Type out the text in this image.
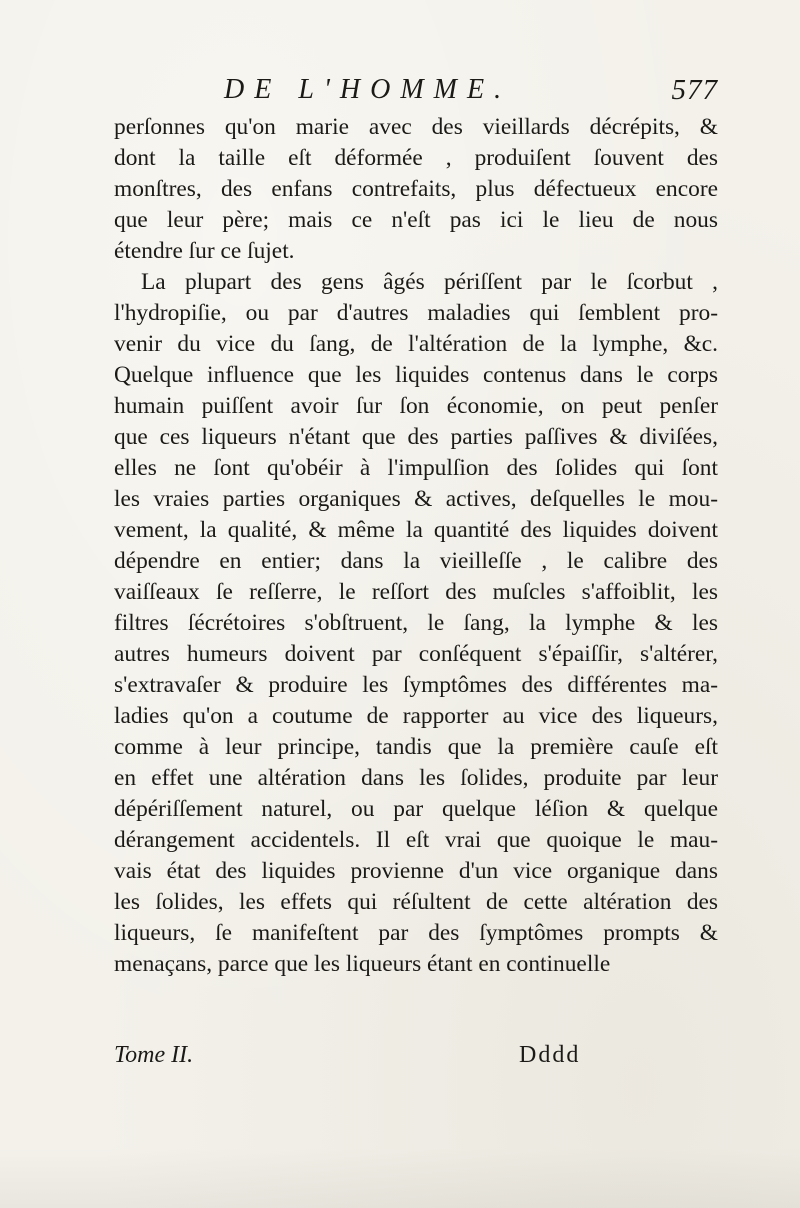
DE L'HOMME.	577
perſonnes qu'on marie avec des vieillards décrépits, &
dont la taille eſt déformée , produiſent ſouvent des
monſtres, des enfans contrefaits, plus défectueux encore
que leur père; mais ce n'eſt pas ici le lieu de nous
étendre ſur ce ſujet.
La plupart des gens âgés périſſent par le ſcorbut ,
l'hydropiſie, ou par d'autres maladies qui ſemblent pro-
venir du vice du ſang, de l'altération de la lymphe, &c.
Quelque influence que les liquides contenus dans le corps
humain puiſſent avoir ſur ſon économie, on peut penſer
que ces liqueurs n'étant que des parties paſſives & diviſées,
elles ne ſont qu'obéir à l'impulſion des ſolides qui ſont
les vraies parties organiques & actives, deſquelles le mou-
vement, la qualité, & même la quantité des liquides doivent
dépendre en entier; dans la vieilleſſe , le calibre des
vaiſſeaux ſe reſſerre, le reſſort des muſcles s'affoiblit, les
filtres ſécrétoires s'obſtruent, le ſang, la lymphe & les
autres humeurs doivent par conſéquent s'épaiſſir, s'altérer,
s'extravaſer & produire les ſymptômes des différentes ma-
ladies qu'on a coutume de rapporter au vice des liqueurs,
comme à leur principe, tandis que la première cauſe eſt
en effet une altération dans les ſolides, produite par leur
dépériſſement naturel, ou par quelque léſion & quelque
dérangement accidentels. Il eſt vrai que quoique le mau-
vais état des liquides provienne d'un vice organique dans
les ſolides, les effets qui réſultent de cette altération des
liqueurs, ſe manifeſtent par des ſymptômes prompts &
menaçans, parce que les liqueurs étant en continuelle
Tome II.	Dddd
